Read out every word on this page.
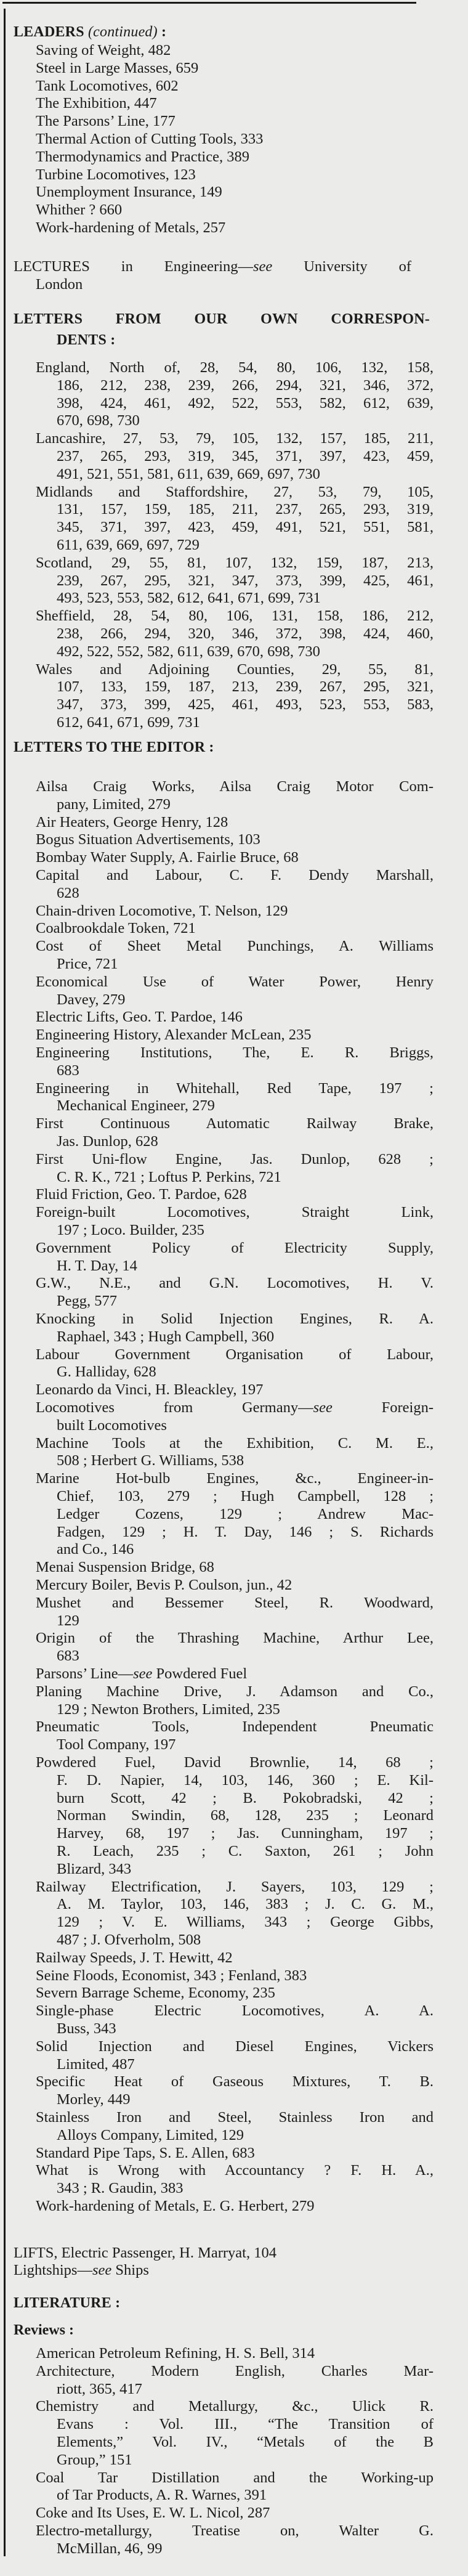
LEADERS (continued) :
Saving of Weight, 482
Steel in Large Masses, 659
Tank Locomotives, 602
The Exhibition, 447
The Parsons’ Line, 177
Thermal Action of Cutting Tools, 333
Thermodynamics and Practice, 389
Turbine Locomotives, 123
Unemployment Insurance, 149
Whither ? 660
Work-hardening of Metals, 257
LECTURES in Engineering—see University of
London
LETTERS FROM OUR OWN CORRESPON-
DENTS :
England, North of, 28, 54, 80, 106, 132, 158,
186, 212, 238, 239, 266, 294, 321, 346, 372,
398, 424, 461, 492, 522, 553, 582, 612, 639,
670, 698, 730
Lancashire, 27, 53, 79, 105, 132, 157, 185, 211,
237, 265, 293, 319, 345, 371, 397, 423, 459,
491, 521, 551, 581, 611, 639, 669, 697, 730
Midlands and Staffordshire, 27, 53, 79, 105,
131, 157, 159, 185, 211, 237, 265, 293, 319,
345, 371, 397, 423, 459, 491, 521, 551, 581,
611, 639, 669, 697, 729
Scotland, 29, 55, 81, 107, 132, 159, 187, 213,
239, 267, 295, 321, 347, 373, 399, 425, 461,
493, 523, 553, 582, 612, 641, 671, 699, 731
Sheffield, 28, 54, 80, 106, 131, 158, 186, 212,
238, 266, 294, 320, 346, 372, 398, 424, 460,
492, 522, 552, 582, 611, 639, 670, 698, 730
Wales and Adjoining Counties, 29, 55, 81,
107, 133, 159, 187, 213, 239, 267, 295, 321,
347, 373, 399, 425, 461, 493, 523, 553, 583,
612, 641, 671, 699, 731
LETTERS TO THE EDITOR :
Ailsa Craig Works, Ailsa Craig Motor Com-
pany, Limited, 279
Air Heaters, George Henry, 128
Bogus Situation Advertisements, 103
Bombay Water Supply, A. Fairlie Bruce, 68
Capital and Labour, C. F. Dendy Marshall,
628
Chain-driven Locomotive, T. Nelson, 129
Coalbrookdale Token, 721
Cost of Sheet Metal Punchings, A. Williams
Price, 721
Economical Use of Water Power, Henry
Davey, 279
Electric Lifts, Geo. T. Pardoe, 146
Engineering History, Alexander McLean, 235
Engineering Institutions, The, E. R. Briggs,
683
Engineering in Whitehall, Red Tape, 197 ;
Mechanical Engineer, 279
First Continuous Automatic Railway Brake,
Jas. Dunlop, 628
First Uni-flow Engine, Jas. Dunlop, 628 ;
C. R. K., 721 ; Loftus P. Perkins, 721
Fluid Friction, Geo. T. Pardoe, 628
Foreign-built Locomotives, Straight Link,
197 ; Loco. Builder, 235
Government Policy of Electricity Supply,
H. T. Day, 14
G.W., N.E., and G.N. Locomotives, H. V.
Pegg, 577
Knocking in Solid Injection Engines, R. A.
Raphael, 343 ; Hugh Campbell, 360
Labour Government Organisation of Labour,
G. Halliday, 628
Leonardo da Vinci, H. Bleackley, 197
Locomotives from Germany—see Foreign-
built Locomotives
Machine Tools at the Exhibition, C. M. E.,
508 ; Herbert G. Williams, 538
Marine Hot-bulb Engines, &c., Engineer-in-
Chief, 103, 279 ; Hugh Campbell, 128 ;
Ledger Cozens, 129 ; Andrew Mac-
Fadgen, 129 ; H. T. Day, 146 ; S. Richards
and Co., 146
Menai Suspension Bridge, 68
Mercury Boiler, Bevis P. Coulson, jun., 42
Mushet and Bessemer Steel, R. Woodward,
129
Origin of the Thrashing Machine, Arthur Lee,
683
Parsons’ Line—see Powdered Fuel
Planing Machine Drive, J. Adamson and Co.,
129 ; Newton Brothers, Limited, 235
Pneumatic Tools, Independent Pneumatic
Tool Company, 197
Powdered Fuel, David Brownlie, 14, 68 ;
F. D. Napier, 14, 103, 146, 360 ; E. Kil-
burn Scott, 42 ; B. Pokobradski, 42 ;
Norman Swindin, 68, 128, 235 ; Leonard
Harvey, 68, 197 ; Jas. Cunningham, 197 ;
R. Leach, 235 ; C. Saxton, 261 ; John
Blizard, 343
Railway Electrification, J. Sayers, 103, 129 ;
A. M. Taylor, 103, 146, 383 ; J. C. G. M.,
129 ; V. E. Williams, 343 ; George Gibbs,
487 ; J. Ofverholm, 508
Railway Speeds, J. T. Hewitt, 42
Seine Floods, Economist, 343 ; Fenland, 383
Severn Barrage Scheme, Economy, 235
Single-phase Electric Locomotives, A. A.
Buss, 343
Solid Injection and Diesel Engines, Vickers
Limited, 487
Specific Heat of Gaseous Mixtures, T. B.
Morley, 449
Stainless Iron and Steel, Stainless Iron and
Alloys Company, Limited, 129
Standard Pipe Taps, S. E. Allen, 683
What is Wrong with Accountancy ? F. H. A.,
343 ; R. Gaudin, 383
Work-hardening of Metals, E. G. Herbert, 279
LIFTS, Electric Passenger, H. Marryat, 104
Lightships—see Ships
LITERATURE :
Reviews :
American Petroleum Refining, H. S. Bell, 314
Architecture, Modern English, Charles Mar-
riott, 365, 417
Chemistry and Metallurgy, &c., Ulick R.
Evans : Vol. III., “The Transition of
Elements,” Vol. IV., “Metals of the B
Group,” 151
Coal Tar Distillation and the Working-up
of Tar Products, A. R. Warnes, 391
Coke and Its Uses, E. W. L. Nicol, 287
Electro-metallurgy, Treatise on, Walter G.
McMillan, 46, 99
